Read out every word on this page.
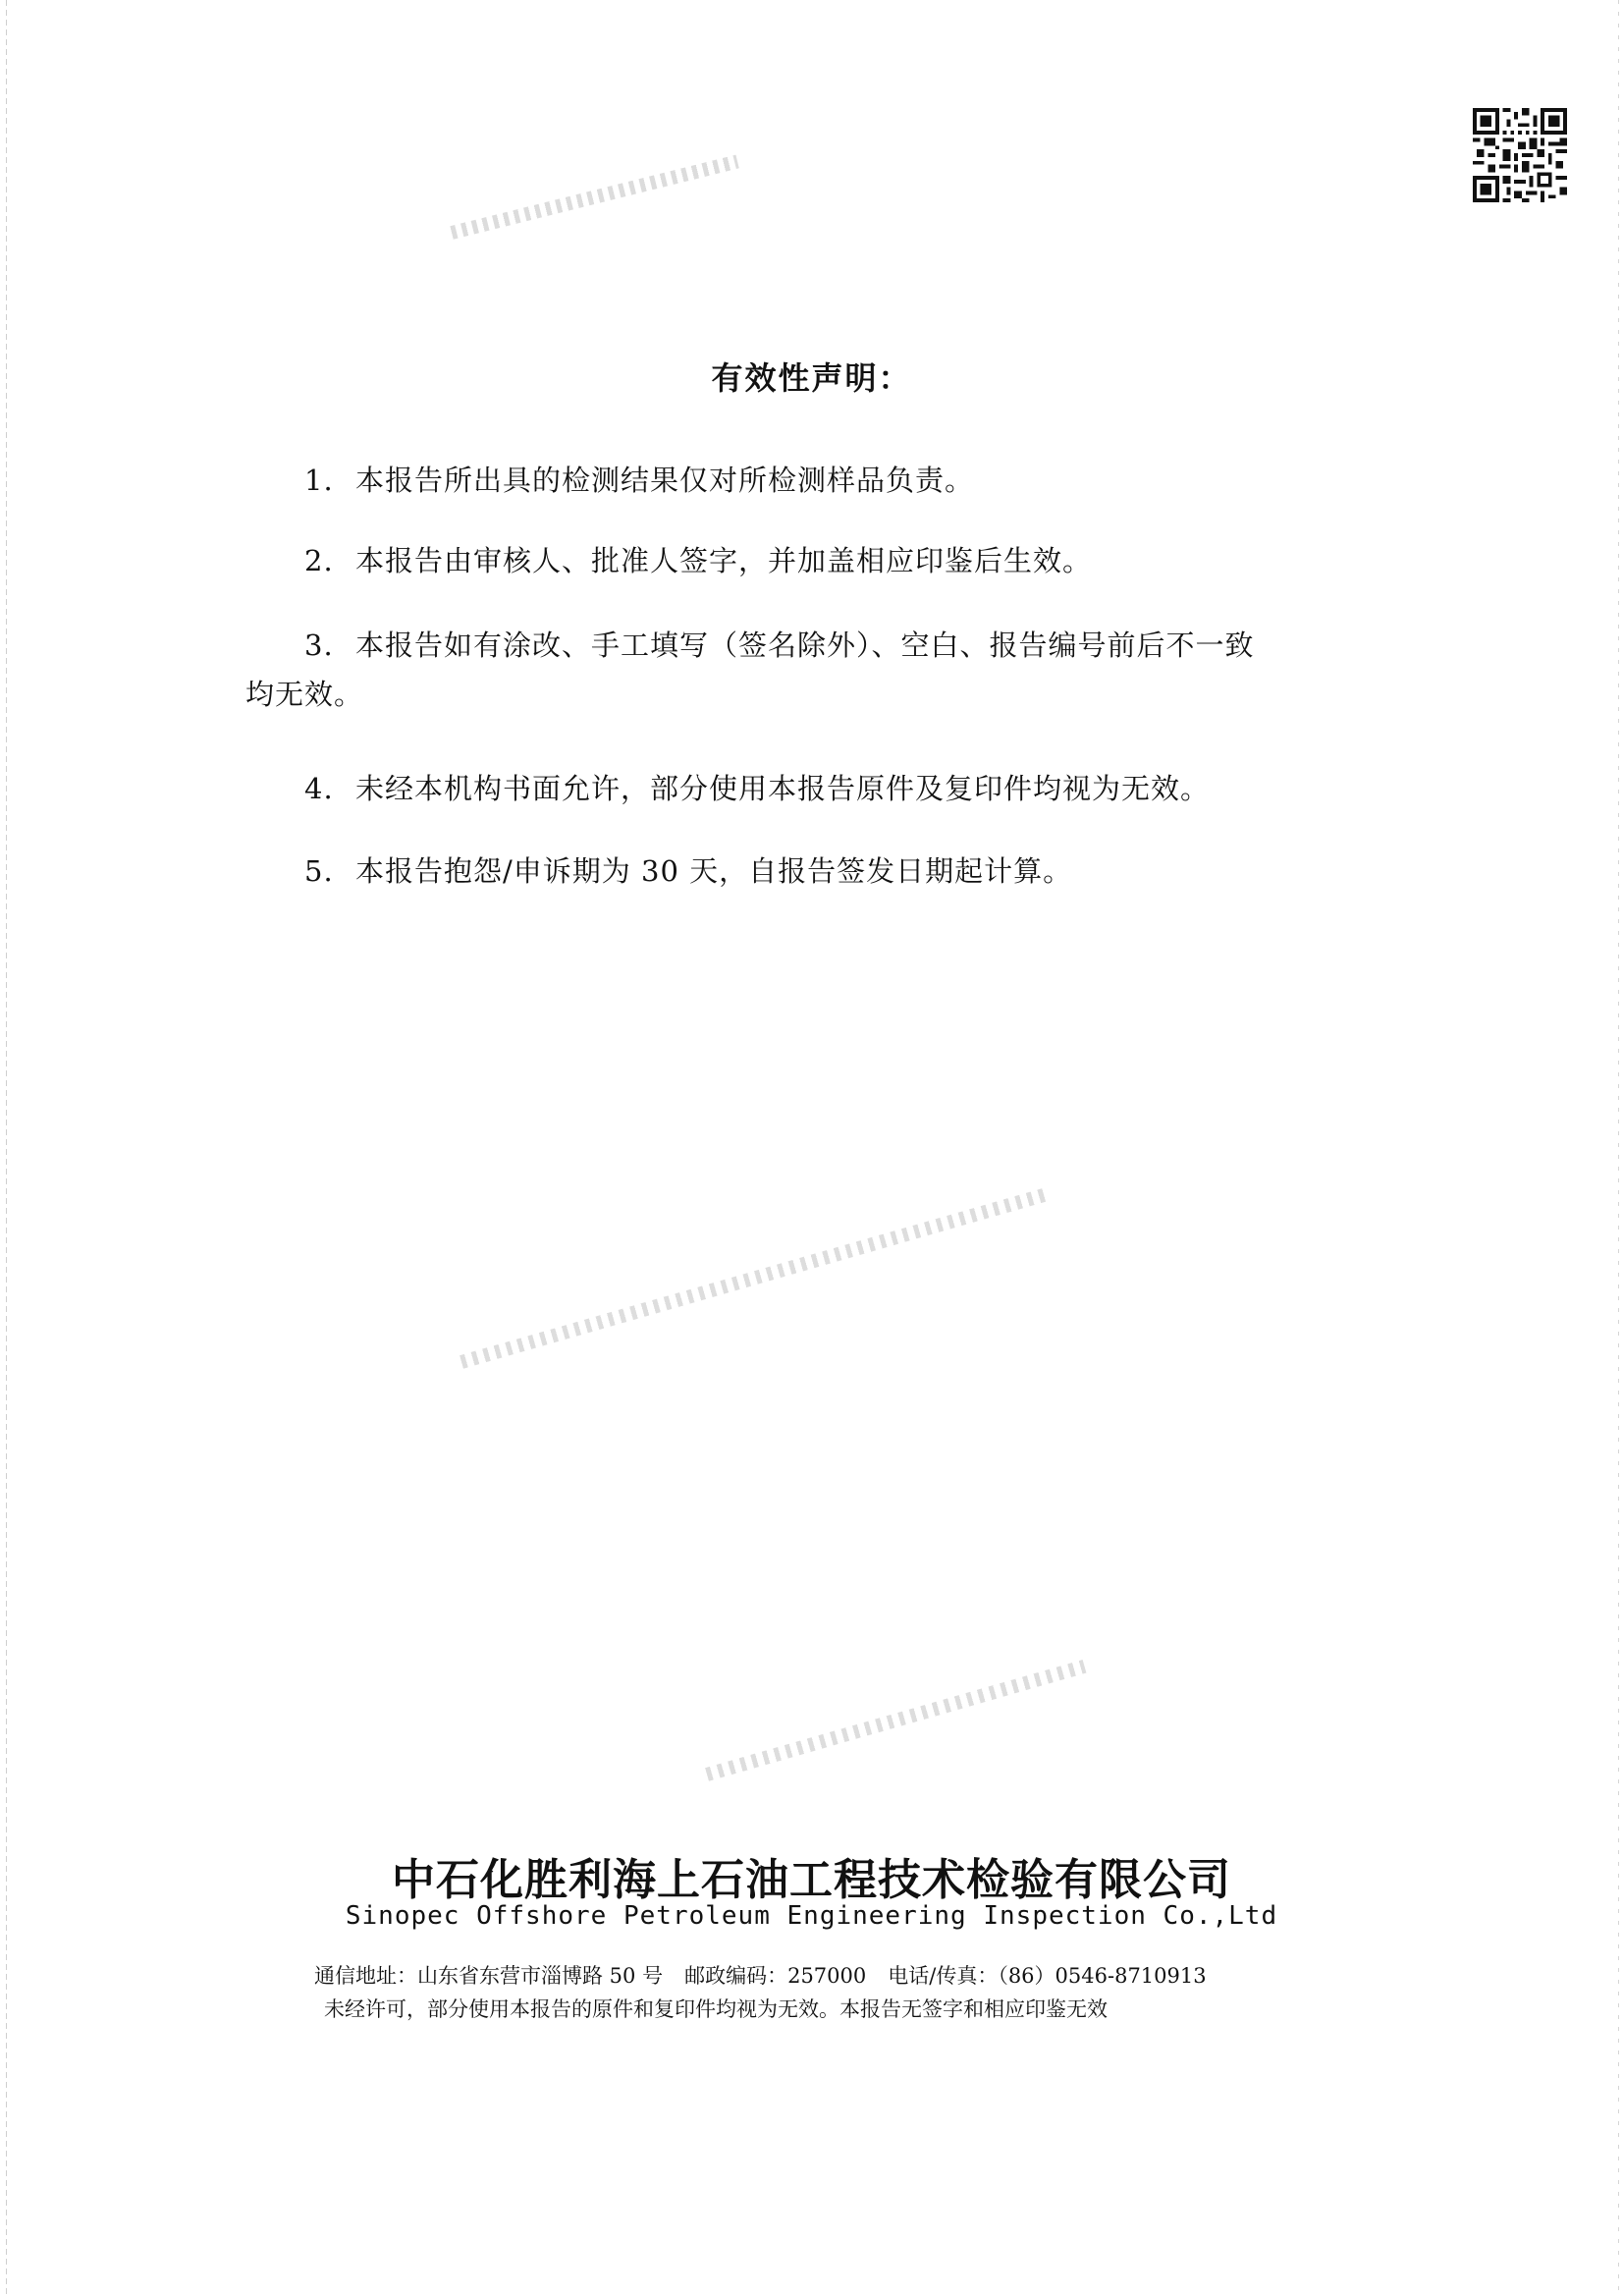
有效性声明：
1. 本报告所出具的检测结果仅对所检测样品负责。
2. 本报告由审核人、批准人签字，并加盖相应印鉴后生效。
3. 本报告如有涂改、手工填写（签名除外）、空白、报告编号前后不一致
均无效。
4. 未经本机构书面允许，部分使用本报告原件及复印件均视为无效。
5. 本报告抱怨/申诉期为 30 天，自报告签发日期起计算。
中石化胜利海上石油工程技术检验有限公司
Sinopec Offshore Petroleum Engineering Inspection Co.,Ltd
通信地址：山东省东营市淄博路 50 号 邮政编码：257000 电话/传真：（86）0546-8710913
未经许可，部分使用本报告的原件和复印件均视为无效。本报告无签字和相应印鉴无效
